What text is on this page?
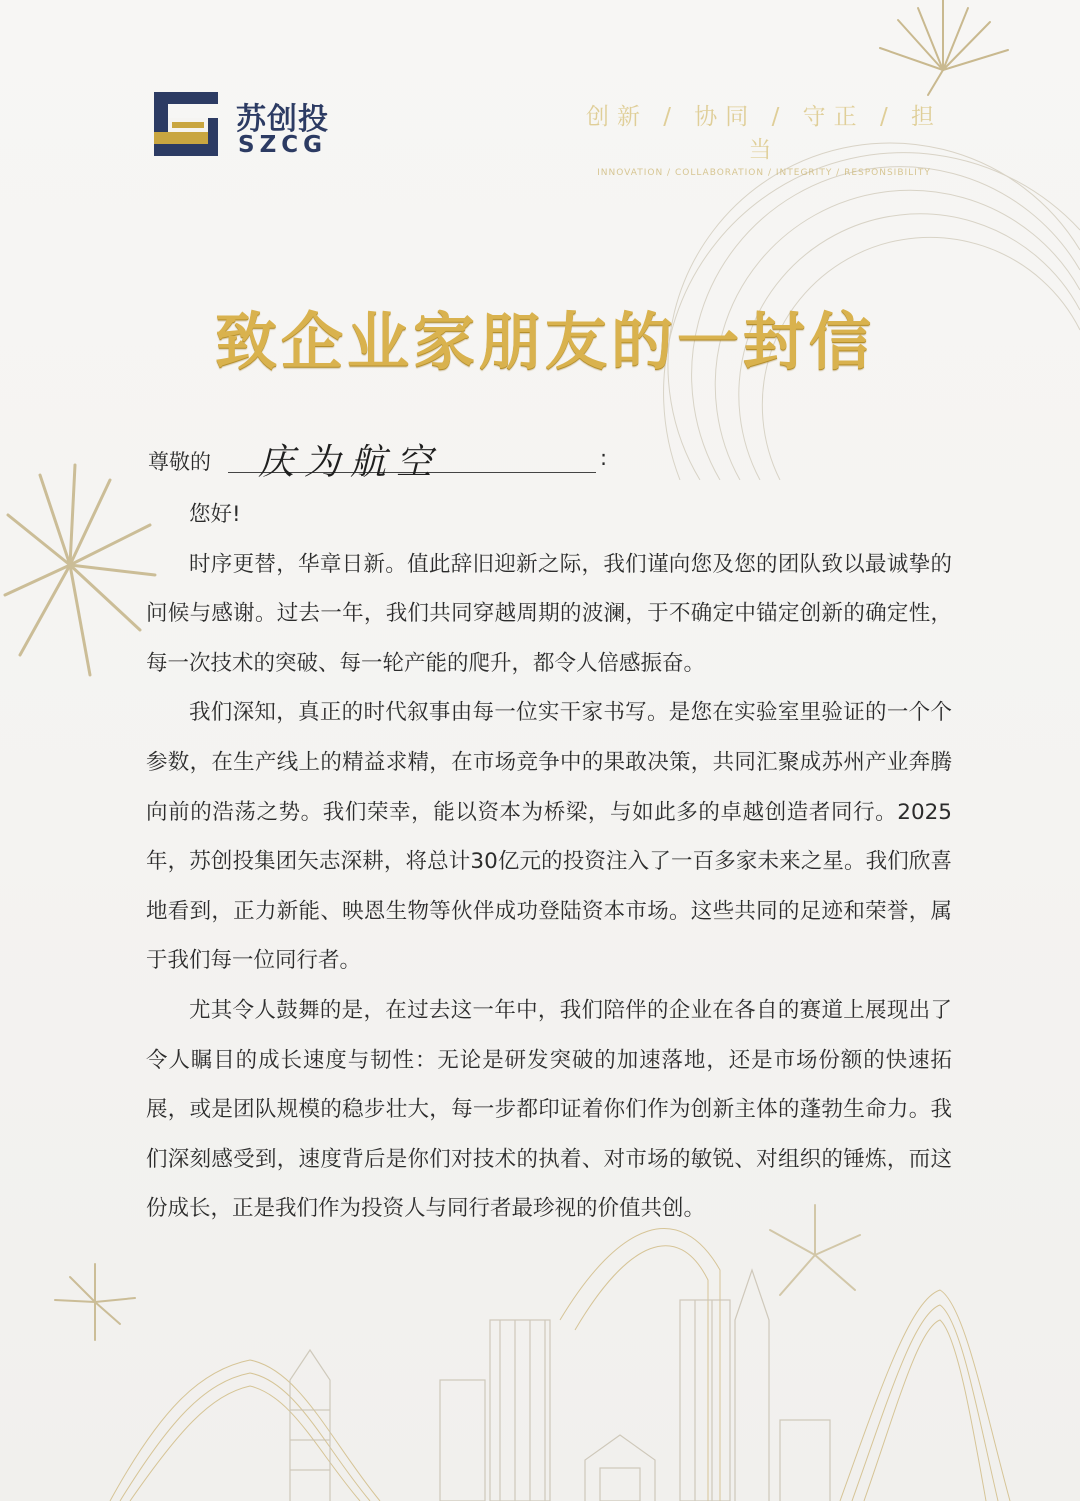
苏创投
SZCG
创新 / 协同 / 守正 / 担当
INNOVATION / COLLABORATION / INTEGRITY / RESPONSIBILITY
致企业家朋友的一封信
尊敬的 庆为航空	:

您好!

时序更替，华章日新。值此辞旧迎新之际，我们谨向您及您的团队致以最诚挚的问候与感谢。过去一年，我们共同穿越周期的波澜，于不确定中锚定创新的确定性，每一次技术的突破、每一轮产能的爬升，都令人倍感振奋。

我们深知，真正的时代叙事由每一位实干家书写。是您在实验室里验证的一个个参数，在生产线上的精益求精，在市场竞争中的果敢决策，共同汇聚成苏州产业奔腾向前的浩荡之势。我们荣幸，能以资本为桥梁，与如此多的卓越创造者同行。2025年，苏创投集团矢志深耕，将总计30亿元的投资注入了一百多家未来之星。我们欣喜地看到，正力新能、映恩生物等伙伴成功登陆资本市场。这些共同的足迹和荣誉，属于我们每一位同行者。

尤其令人鼓舞的是，在过去这一年中，我们陪伴的企业在各自的赛道上展现出了令人瞩目的成长速度与韧性：无论是研发突破的加速落地，还是市场份额的快速拓展，或是团队规模的稳步壮大，每一步都印证着你们作为创新主体的蓬勃生命力。我们深刻感受到，速度背后是你们对技术的执着、对市场的敏锐、对组织的锤炼，而这份成长，正是我们作为投资人与同行者最珍视的价值共创。
